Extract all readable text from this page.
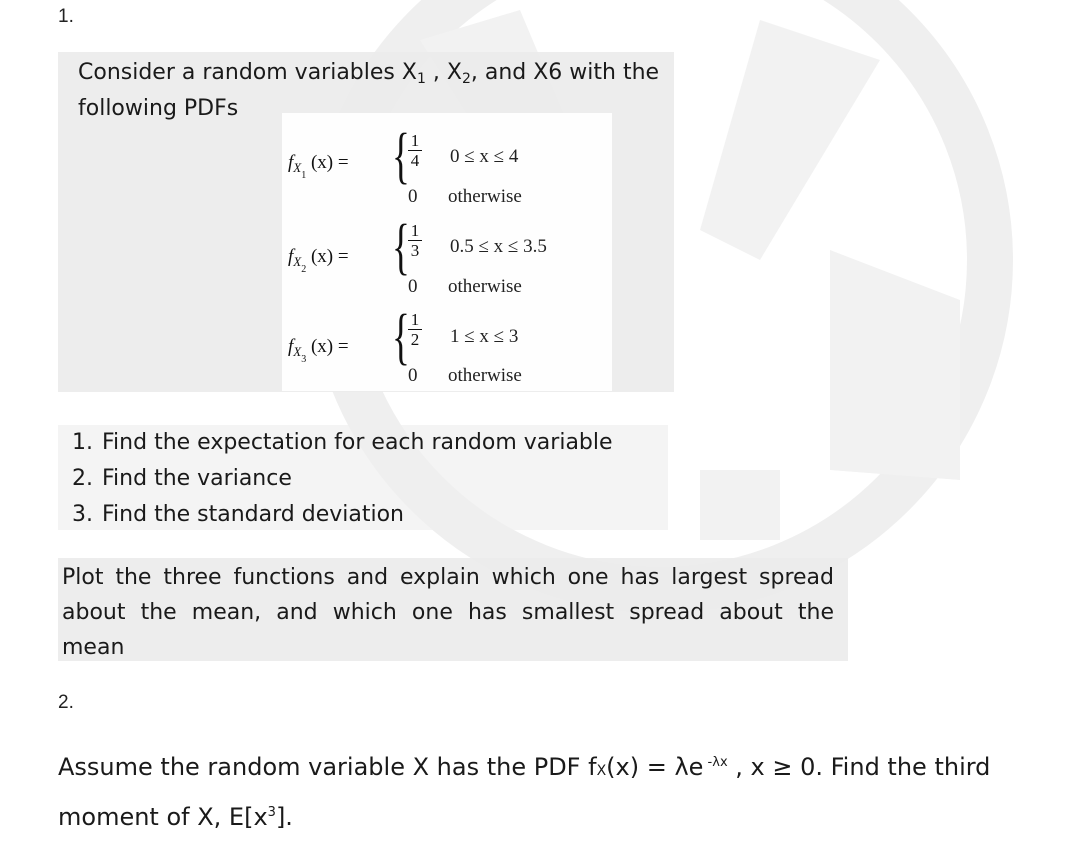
1.
Consider a random variables X1 , X2, and X6 with the
following PDFs
$f_{X_1}$ (x) = { 1
4
0
0 ≤ x ≤ 4
otherwise
$f_{X_2}$ (x) = { 1
3
0
0.5 ≤ x ≤ 3.5
otherwise
$f_{X_3}$ (x) = { 1
2
0
1 ≤ x ≤ 3
otherwise
1. Find the expectation for each random variable
2. Find the variance
3. Find the standard deviation
Plot the three functions and explain which one has largest spread about the mean, and which one has smallest spread about the mean
2.
Assume the random variable X has the PDF fX(x) = λe $^{-\lambda x}$ , x ≥ 0. Find the third
moment of X, $E[x^3]$.
